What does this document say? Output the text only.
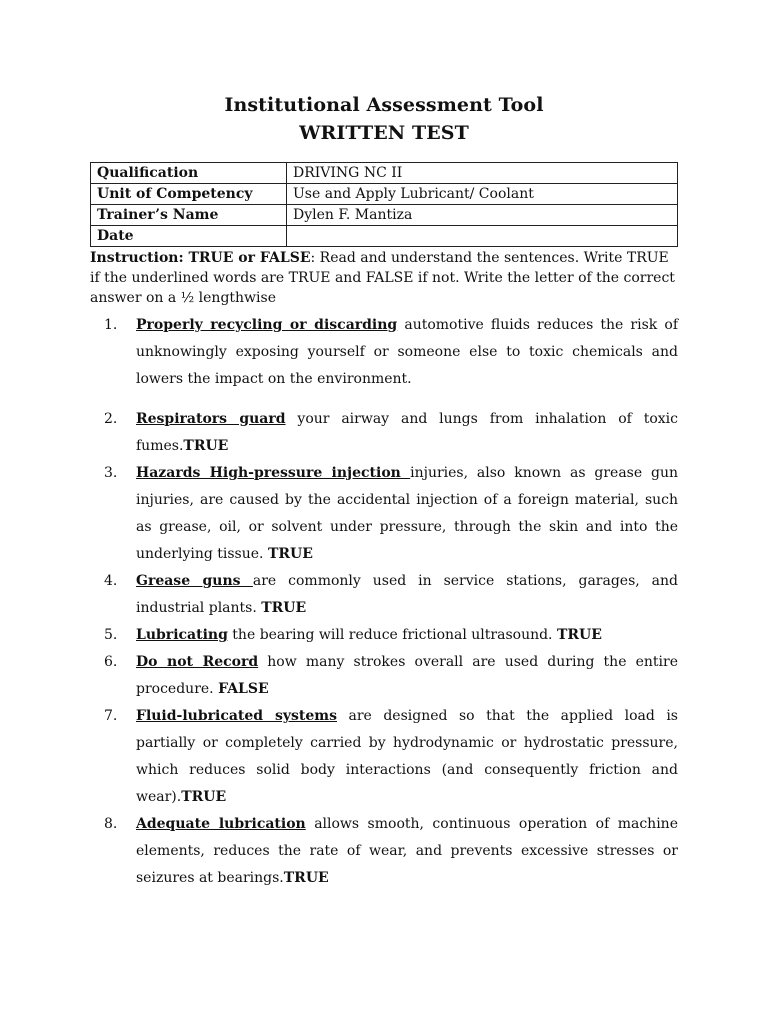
Institutional Assessment Tool
WRITTEN TEST
Qualification	DRIVING NC II
Unit of Competency	Use and Apply Lubricant/ Coolant
Trainer’s Name	Dylen F. Mantiza
Date	
Instruction: TRUE or FALSE: Read and understand the sentences. Write TRUE if the underlined words are TRUE and FALSE if not. Write the letter of the correct answer on a ½ lengthwise
1.	Properly recycling or discarding automotive fluids reduces the risk of unknowingly exposing yourself or someone else to toxic chemicals and lowers the impact on the environment.
2.	Respirators guard your airway and lungs from inhalation of toxic fumes.TRUE
3.	Hazards High-pressure injection injuries, also known as grease gun injuries, are caused by the accidental injection of a foreign material, such as grease, oil, or solvent under pressure, through the skin and into the underlying tissue. TRUE
4.	Grease guns are commonly used in service stations, garages, and industrial plants. TRUE
5.	Lubricating the bearing will reduce frictional ultrasound. TRUE
6.	Do not Record how many strokes overall are used during the entire procedure. FALSE
7.	Fluid-lubricated systems are designed so that the applied load is partially or completely carried by hydrodynamic or hydrostatic pressure, which reduces solid body interactions (and consequently friction and wear).TRUE
8.	Adequate lubrication allows smooth, continuous operation of machine elements, reduces the rate of wear, and prevents excessive stresses or seizures at bearings.TRUE
